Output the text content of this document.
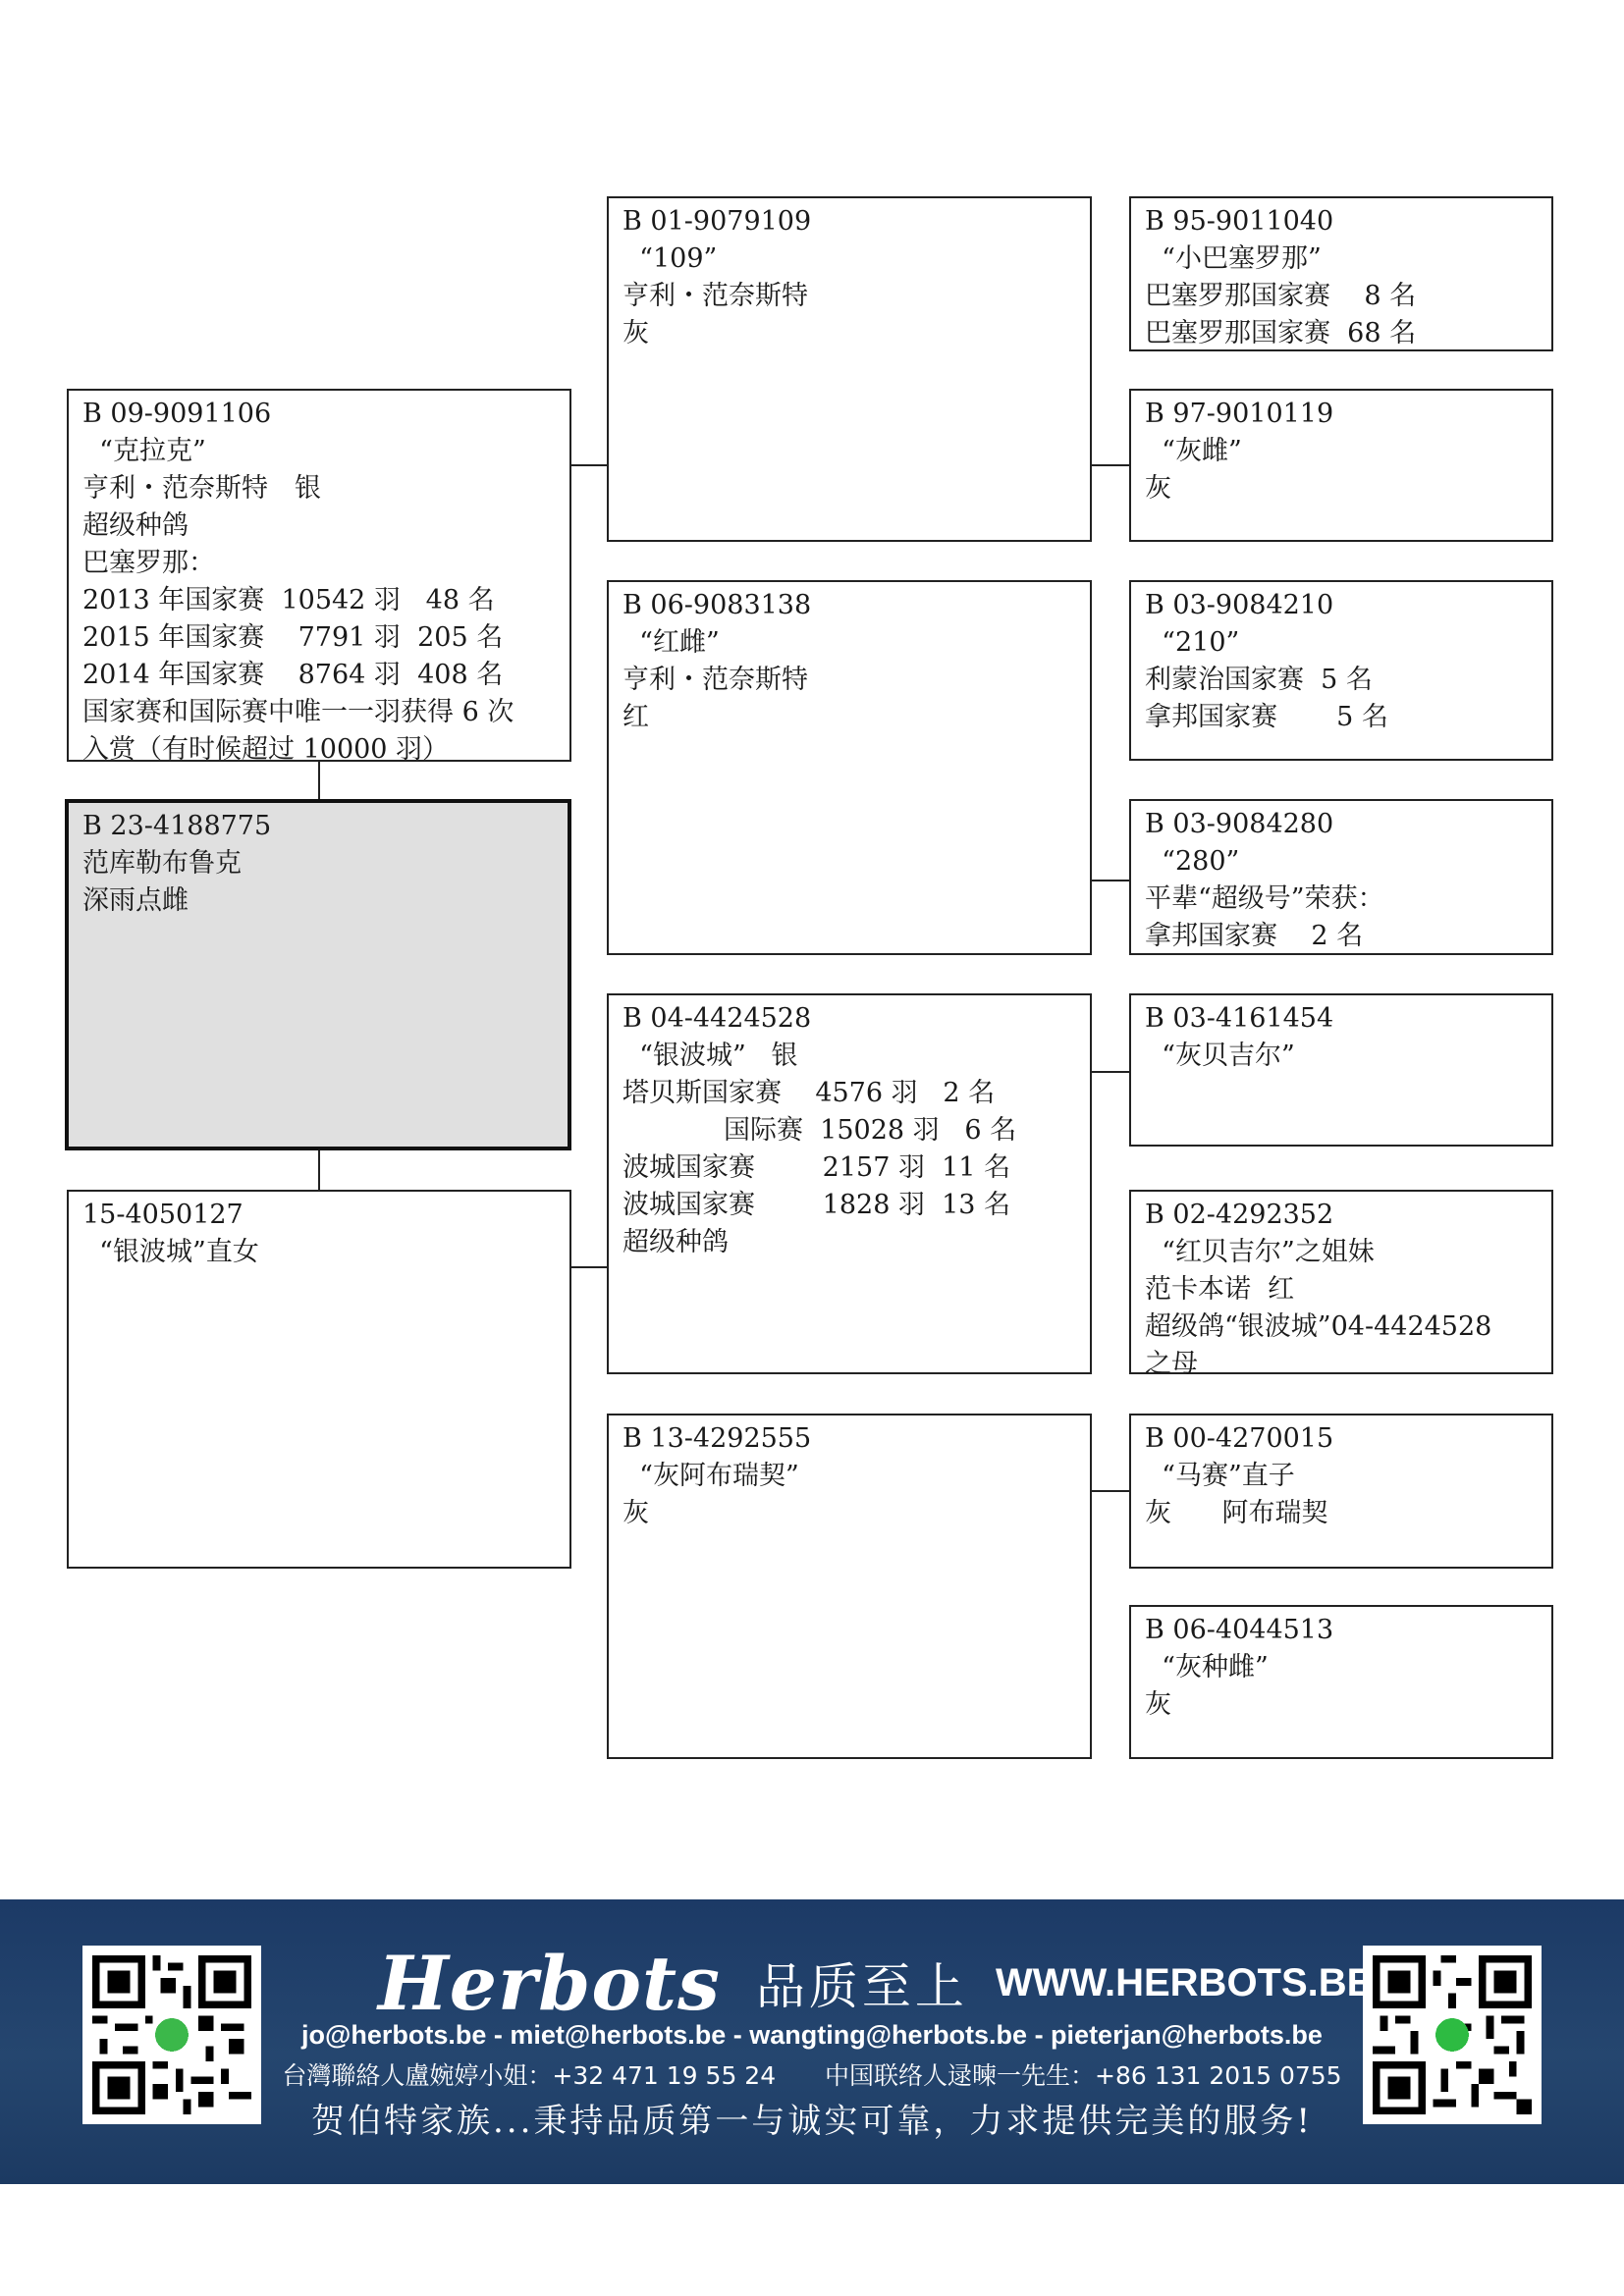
B 09-9091106
“克拉克”
亨利・范奈斯特　银
超级种鸽
巴塞罗那：
2013 年国家赛  10542 羽   48 名
2015 年国家赛    7791 羽  205 名
2014 年国家赛    8764 羽  408 名
国家赛和国际赛中唯一一羽获得 6 次
入赏（有时候超过 10000 羽）
B 23-4188775
范库勒布鲁克
深雨点雌
15-4050127
“银波城”直女
B 01-9079109
“109”
亨利・范奈斯特
灰
B 06-9083138
“红雌”
亨利・范奈斯特
红
B 04-4424528
“银波城”   银
塔贝斯国家赛    4576 羽   2 名
国际赛  15028 羽   6 名
波城国家赛        2157 羽  11 名
波城国家赛        1828 羽  13 名
超级种鸽
B 13-4292555
“灰阿布瑞契”
灰
B 95-9011040
“小巴塞罗那”
巴塞罗那国家赛    8 名
巴塞罗那国家赛  68 名
B 97-9010119
“灰雌”
灰
B 03-9084210
“210”
利蒙治国家赛  5 名
拿邦国家赛       5 名
B 03-9084280
“280”
平辈“超级号”荣获：
拿邦国家赛    2 名
B 03-4161454
“灰贝吉尔”
B 02-4292352
“红贝吉尔”之姐妹
范卡本诺  红
超级鸽“银波城”04-4424528
之母
B 00-4270015
“马赛”直子
灰      阿布瑞契
B 06-4044513
“灰种雌”
灰
Herbots 品质至上 WWW.HERBOTS.BE
jo@herbots.be - miet@herbots.be - wangting@herbots.be - pieterjan@herbots.be
台灣聯絡人盧婉婷小姐：+32 471 19 55 24 中国联络人逯暕一先生：+86 131 2015 0755
贺伯特家族...秉持品质第一与诚实可靠，力求提供完美的服务!
